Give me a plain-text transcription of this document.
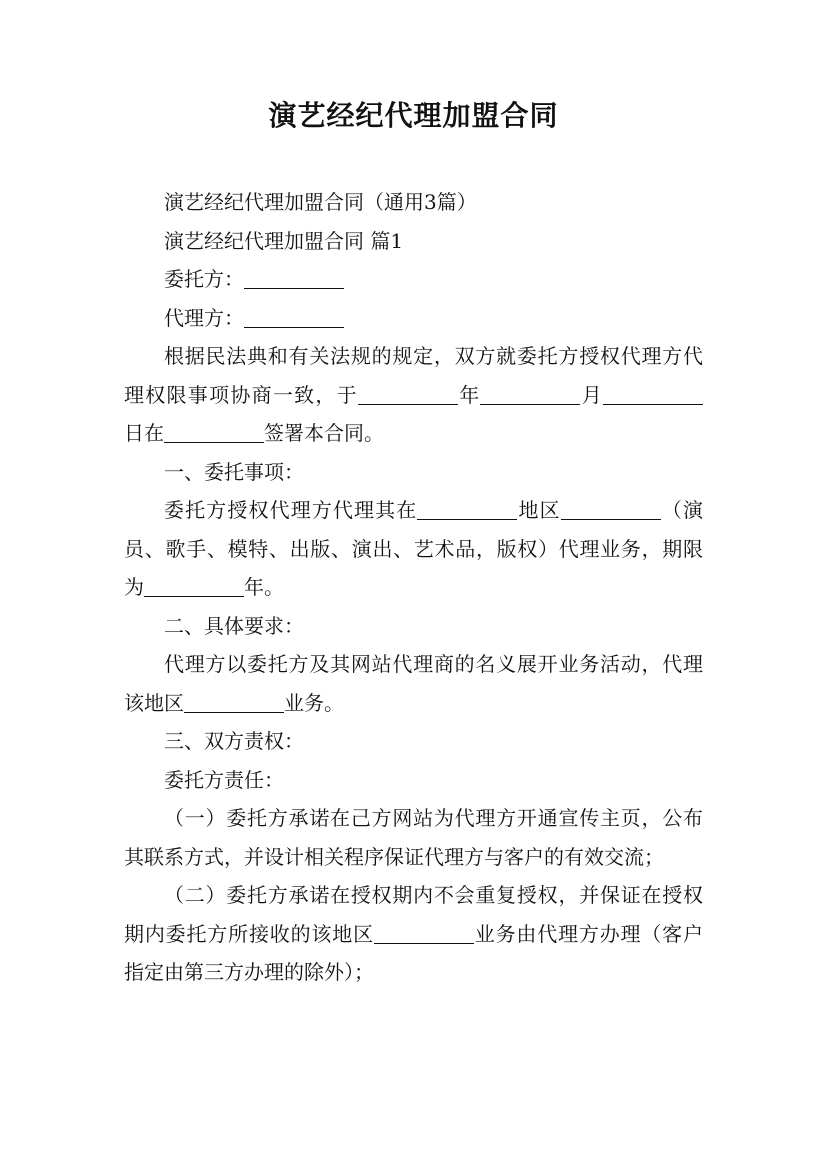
演艺经纪代理加盟合同

演艺经纪代理加盟合同（通用3篇）

演艺经纪代理加盟合同 篇1

委托方：

代理方：

根据民法典和有关法规的规定，双方就委托方授权代理方代理权限事项协商一致，于	年	月日在	签署本合同。

一、委托事项：

委托方授权代理方代理其在	地区	（演员、歌手、模特、出版、演出、艺术品，版权）代理业务，期限为	年。

二、具体要求：

代理方以委托方及其网站代理商的名义展开业务活动，代理该地区	业务。

三、双方责权：

委托方责任：

（一）委托方承诺在己方网站为代理方开通宣传主页，公布其联系方式，并设计相关程序保证代理方与客户的有效交流；

（二）委托方承诺在授权期内不会重复授权，并保证在授权期内委托方所接收的该地区	业务由代理方办理（客户指定由第三方办理的除外）；
